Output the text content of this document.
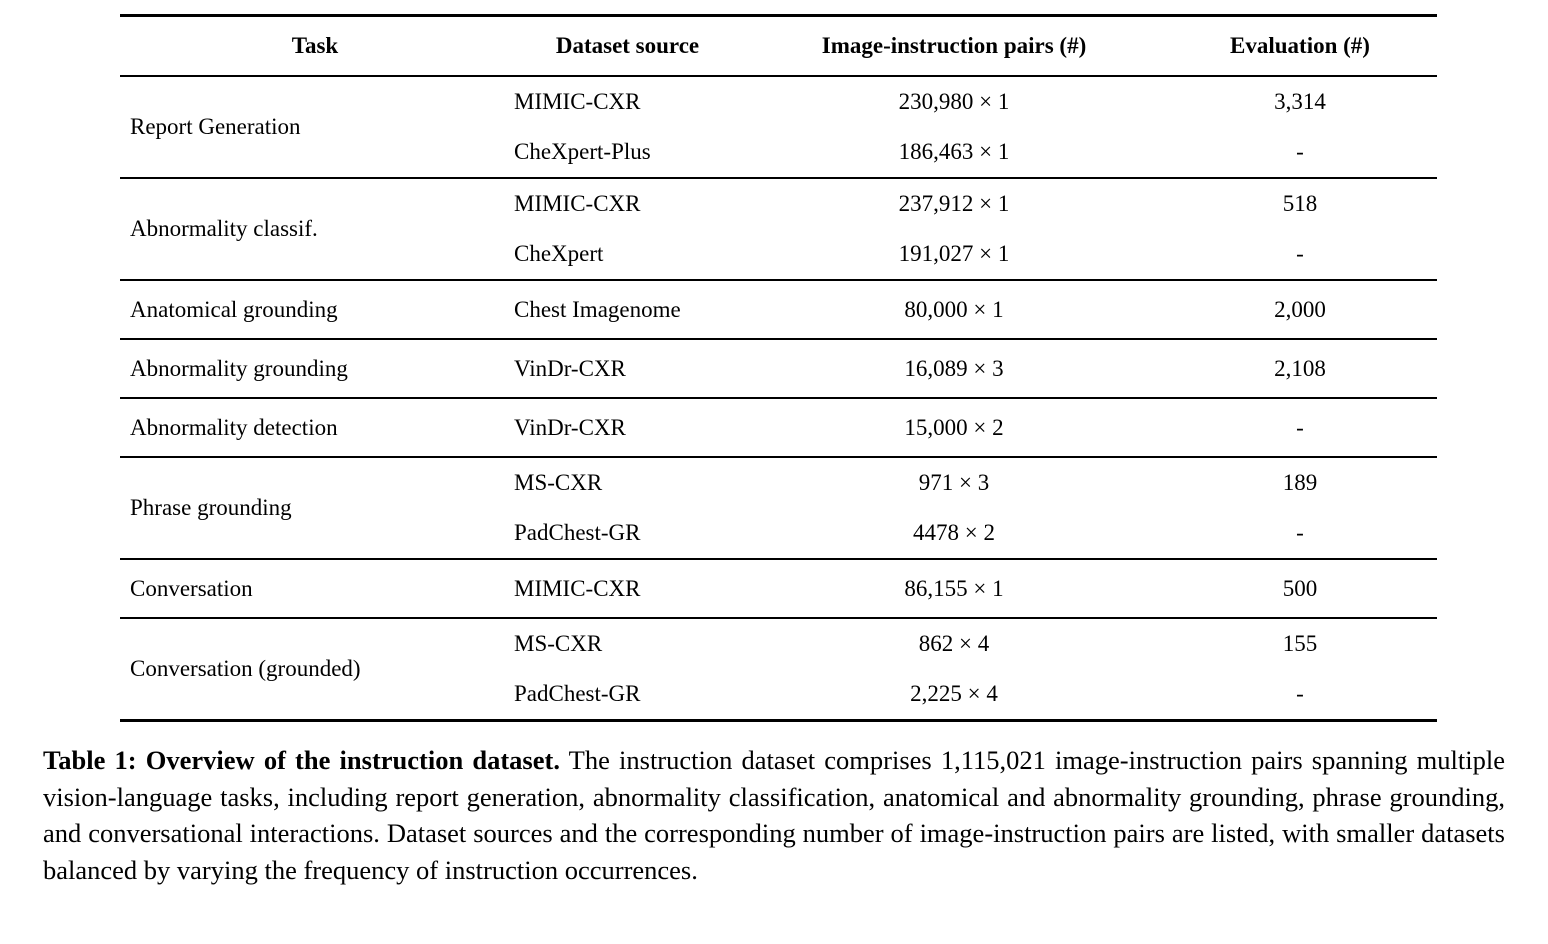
Task	Dataset source	Image-instruction pairs (#)	Evaluation (#)
Report Generation
MIMIC-CXR	230,980 × 1	3,314
CheXpert-Plus	186,463 × 1	-
Abnormality classif.
MIMIC-CXR	237,912 × 1	518
CheXpert	191,027 × 1	-
Anatomical grounding	Chest Imagenome	80,000 × 1	2,000
Abnormality grounding	VinDr-CXR	16,089 × 3	2,108
Abnormality detection	VinDr-CXR	15,000 × 2	-
Phrase grounding
MS-CXR	971 × 3	189
PadChest-GR	4478 × 2	-
Conversation	MIMIC-CXR	86,155 × 1	500
Conversation (grounded)
MS-CXR	862 × 4	155
PadChest-GR	2,225 × 4	-

Table 1: Overview of the instruction dataset. The instruction dataset comprises 1,115,021 image-instruction pairs spanning multiple vision-language tasks, including report generation, abnormality classification, anatomical and abnormality grounding, phrase grounding, and conversational interactions. Dataset sources and the corresponding number of image-instruction pairs are listed, with smaller datasets balanced by varying the frequency of instruction occurrences.
